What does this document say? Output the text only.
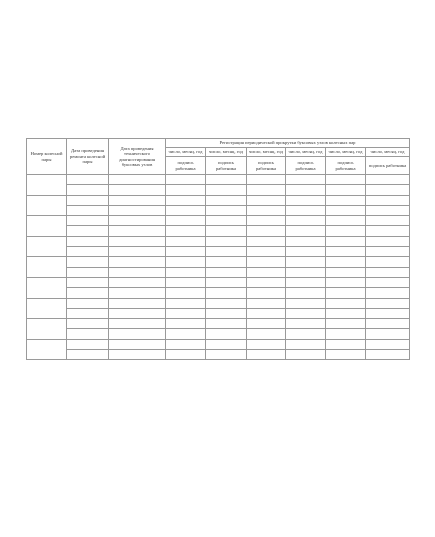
Номер колесной пары	Дата проведения ремонта колесной пары	Дата проведения технического диагностирования буксовых узлов	Регистрация периодической прокрутки буксовых узлов колесных пар					
			число, месяц, год	число, месяц, год	число, месяц, год	число, месяц, год	число, месяц, год	число, месяц, год

			подпись работника	подпись работника	подпись работника	подпись работника	подпись работника	подпись работника
